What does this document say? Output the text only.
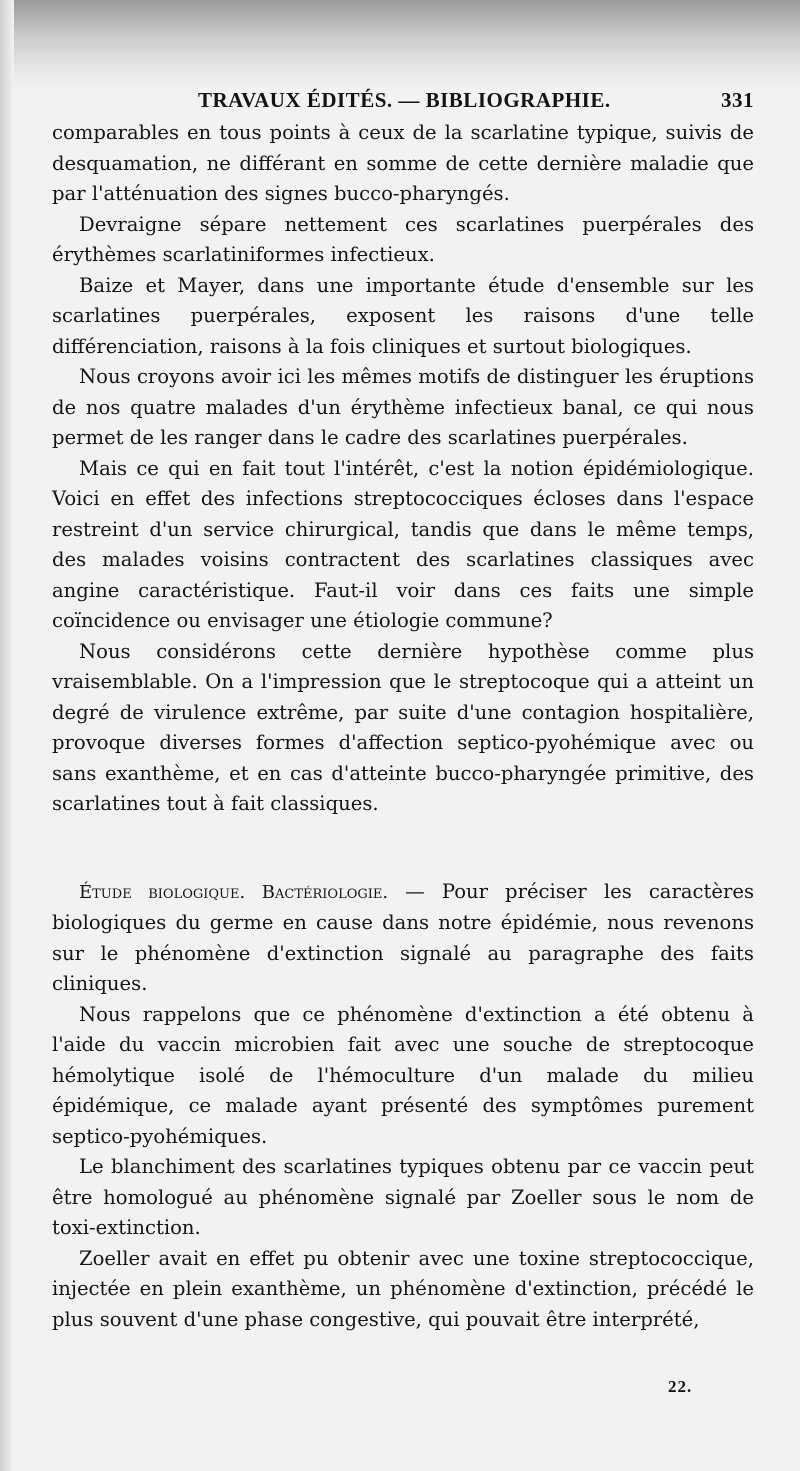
TRAVAUX ÉDITÉS. — BIBLIOGRAPHIE.	331

comparables en tous points à ceux de la scarlatine typique, suivis de desquamation, ne différant en somme de cette dernière maladie que par l'atténuation des signes bucco-pharyngés.

Devraigne sépare nettement ces scarlatines puerpérales des érythèmes scarlatiniformes infectieux.

Baize et Mayer, dans une importante étude d'ensemble sur les scarlatines puerpérales, exposent les raisons d'une telle différenciation, raisons à la fois cliniques et surtout biologiques.

Nous croyons avoir ici les mêmes motifs de distinguer les éruptions de nos quatre malades d'un érythème infectieux banal, ce qui nous permet de les ranger dans le cadre des scarlatines puerpérales.

Mais ce qui en fait tout l'intérêt, c'est la notion épidémiologique. Voici en effet des infections streptococciques écloses dans l'espace restreint d'un service chirurgical, tandis que dans le même temps, des malades voisins contractent des scarlatines classiques avec angine caractéristique. Faut-il voir dans ces faits une simple coïncidence ou envisager une étiologie commune?

Nous considérons cette dernière hypothèse comme plus vraisemblable. On a l'impression que le streptocoque qui a atteint un degré de virulence extrême, par suite d'une contagion hospitalière, provoque diverses formes d'affection septico-pyohémique avec ou sans exanthème, et en cas d'atteinte bucco-pharyngée primitive, des scarlatines tout à fait classiques.

Étude biologique. Bactériologie. — Pour préciser les caractères biologiques du germe en cause dans notre épidémie, nous revenons sur le phénomène d'extinction signalé au paragraphe des faits cliniques.

Nous rappelons que ce phénomène d'extinction a été obtenu à l'aide du vaccin microbien fait avec une souche de streptocoque hémolytique isolé de l'hémoculture d'un malade du milieu épidémique, ce malade ayant présenté des symptômes purement septico-pyohémiques.

Le blanchiment des scarlatines typiques obtenu par ce vaccin peut être homologué au phénomène signalé par Zoeller sous le nom de toxi-extinction.

Zoeller avait en effet pu obtenir avec une toxine streptococcique, injectée en plein exanthème, un phénomène d'extinction, précédé le plus souvent d'une phase congestive, qui pouvait être interprété,

22.
